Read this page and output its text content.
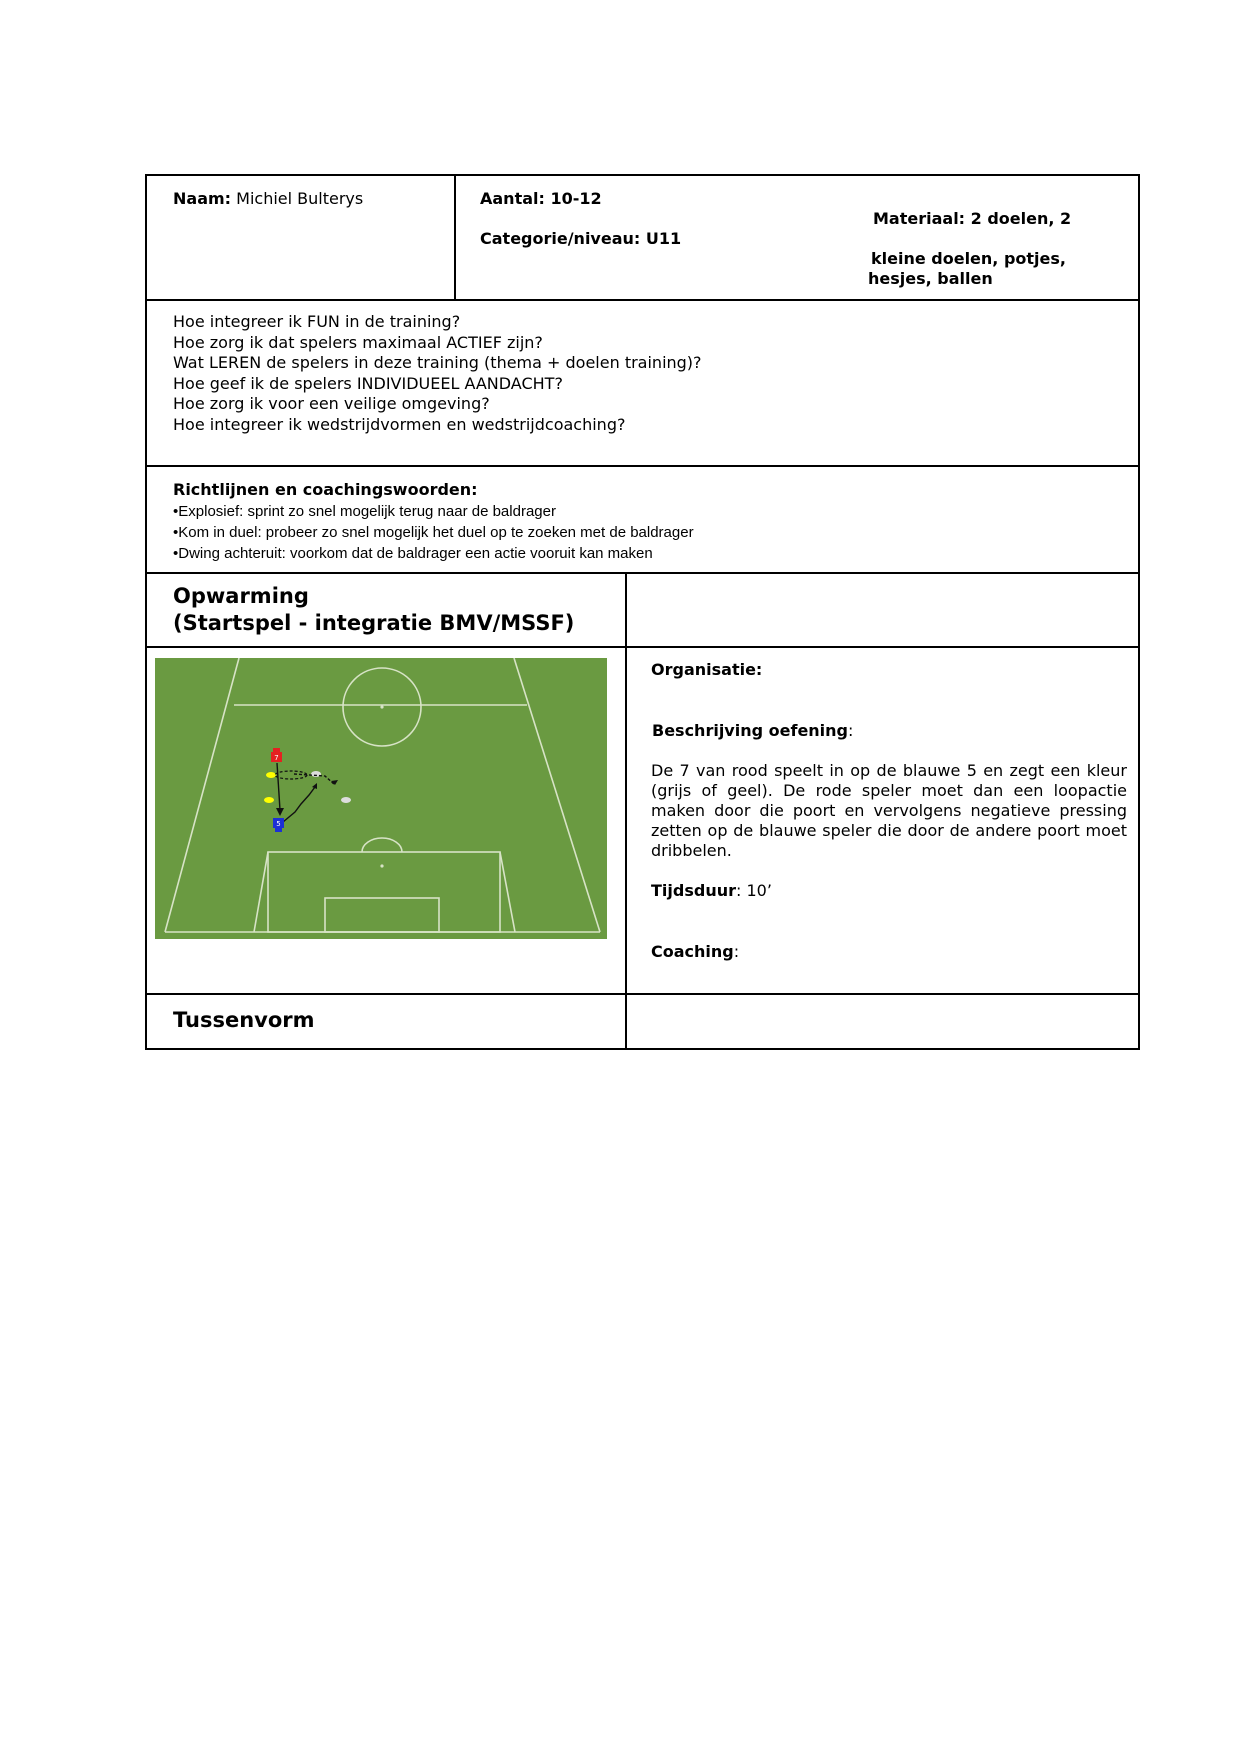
Naam: Michiel Bulterys	Aantal: 10-12
Categorie/niveau: U11
Materiaal: 2 doelen, 2
kleine doelen, potjes,
hesjes, ballen
Hoe integreer ik FUN in de training?
Hoe zorg ik dat spelers maximaal ACTIEF zijn?
Wat LEREN de spelers in deze training (thema + doelen training)?
Hoe geef ik de spelers INDIVIDUEEL AANDACHT?
Hoe zorg ik voor een veilige omgeving?
Hoe integreer ik wedstrijdvormen en wedstrijdcoaching?
Richtlijnen en coachingswoorden:
•Explosief: sprint zo snel mogelijk terug naar de baldrager
•Kom in duel: probeer zo snel mogelijk het duel op te zoeken met de baldrager
•Dwing achteruit: voorkom dat de baldrager een actie vooruit kan maken
Opwarming
(Startspel - integratie BMV/MSSF)
7
5
Organisatie:
Beschrijving oefening:
De 7 van rood speelt in op de blauwe 5 en zegt een kleur (grijs of geel). De rode speler moet dan een loopactie maken door die poort en vervolgens negatieve pressing zetten op de blauwe speler die door de andere poort moet dribbelen.
Tijdsduur: 10’
Coaching:
Tussenvorm
